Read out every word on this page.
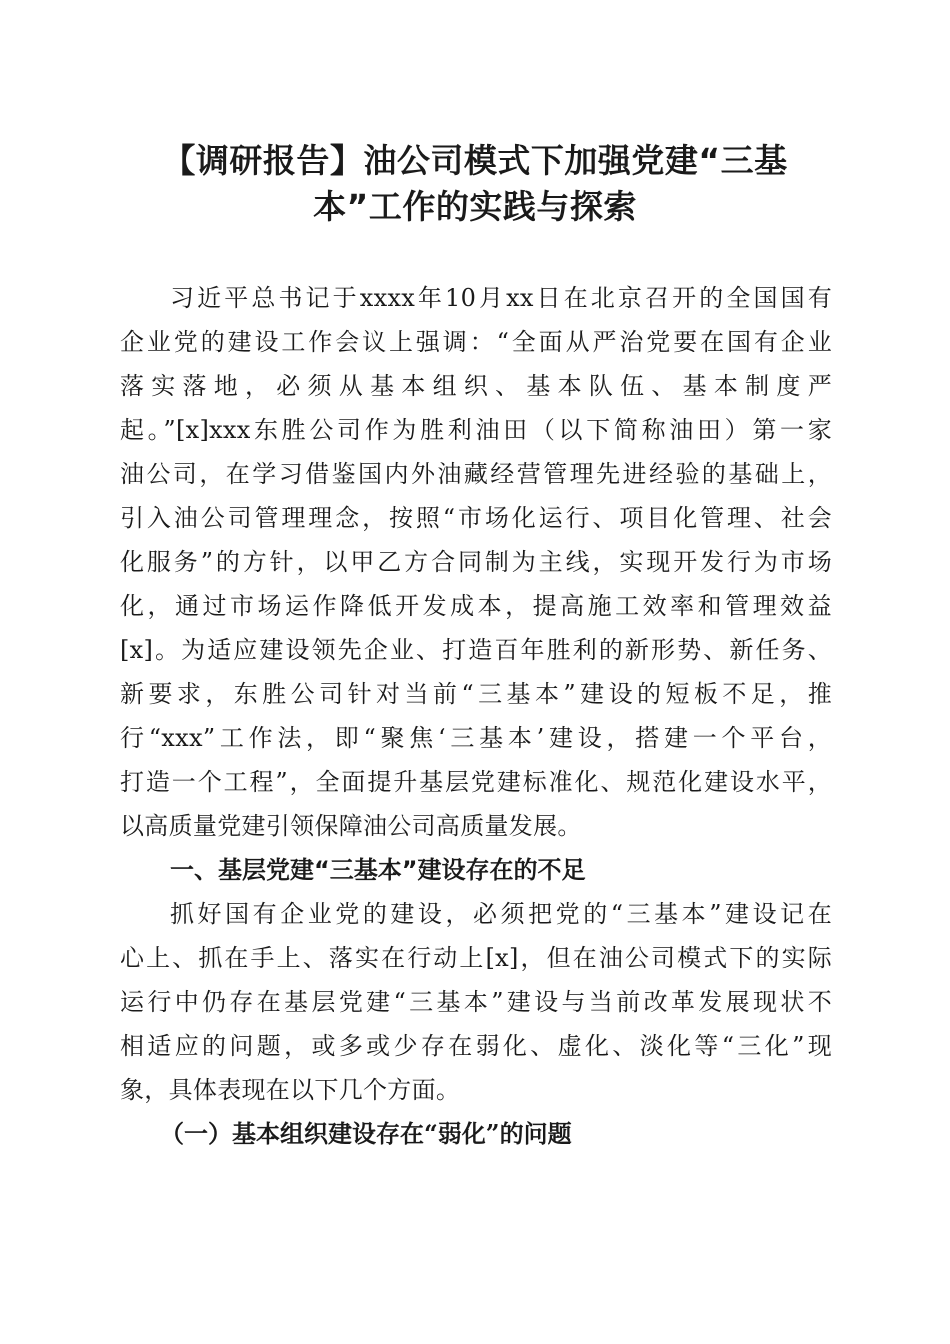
【调研报告】油公司模式下加强党建“三基
本”工作的实践与探索
习近平总书记于xxxx年10月xx日在北京召开的全国国有
企业党的建设工作会议上强调：“全面从严治党要在国有企业
落实落地，必须从基本组织、基本队伍、基本制度严
起。”[x]xxx东胜公司作为胜利油田（以下简称油田）第一家
油公司，在学习借鉴国内外油藏经营管理先进经验的基础上，
引入油公司管理理念，按照“市场化运行、项目化管理、社会
化服务”的方针，以甲乙方合同制为主线，实现开发行为市场
化，通过市场运作降低开发成本，提高施工效率和管理效益
[x]。为适应建设领先企业、打造百年胜利的新形势、新任务、
新要求，东胜公司针对当前“三基本”建设的短板不足，推
行“xxx”工作法，即“聚焦‘三基本’建设，搭建一个平台，
打造一个工程”，全面提升基层党建标准化、规范化建设水平，
以高质量党建引领保障油公司高质量发展。
一、基层党建“三基本”建设存在的不足
抓好国有企业党的建设，必须把党的“三基本”建设记在
心上、抓在手上、落实在行动上[x]，但在油公司模式下的实际
运行中仍存在基层党建“三基本”建设与当前改革发展现状不
相适应的问题，或多或少存在弱化、虚化、淡化等“三化”现
象，具体表现在以下几个方面。
（一）基本组织建设存在“弱化”的问题
